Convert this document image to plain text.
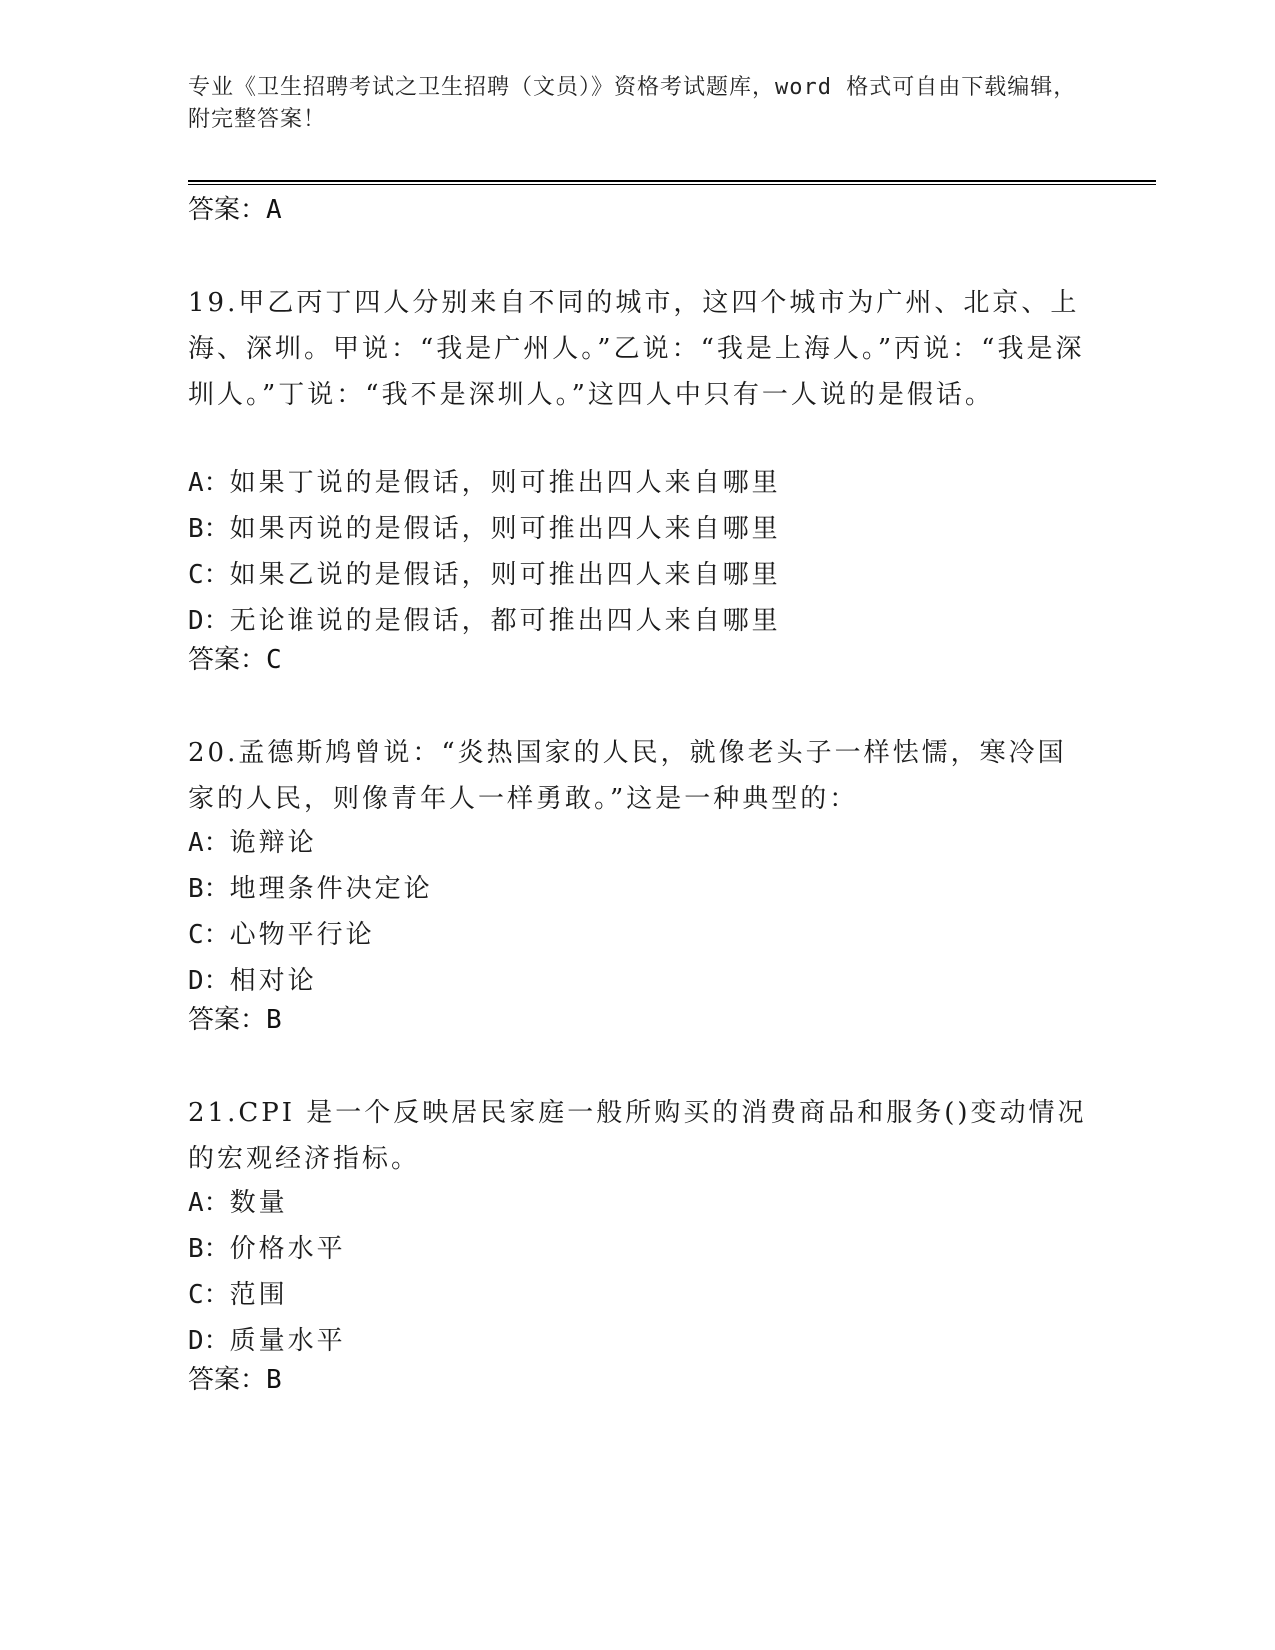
专业《卫生招聘考试之卫生招聘（文员）》资格考试题库，word 格式可自由下载编辑，附完整答案！
答案：A
19.甲乙丙丁四人分别来自不同的城市，这四个城市为广州、北京、上海、深圳。甲说：“我是广州人。”乙说：“我是上海人。”丙说：“我是深圳人。”丁说：“我不是深圳人。”这四人中只有一人说的是假话。
A：如果丁说的是假话，则可推出四人来自哪里
B：如果丙说的是假话，则可推出四人来自哪里
C：如果乙说的是假话，则可推出四人来自哪里
D：无论谁说的是假话，都可推出四人来自哪里
答案：C
20.孟德斯鸠曾说：“炎热国家的人民，就像老头子一样怯懦，寒冷国家的人民，则像青年人一样勇敢。”这是一种典型的：
A：诡辩论
B：地理条件决定论
C：心物平行论
D：相对论
答案：B
21.CPI 是一个反映居民家庭一般所购买的消费商品和服务()变动情况的宏观经济指标。
A：数量
B：价格水平
C：范围
D：质量水平
答案：B
